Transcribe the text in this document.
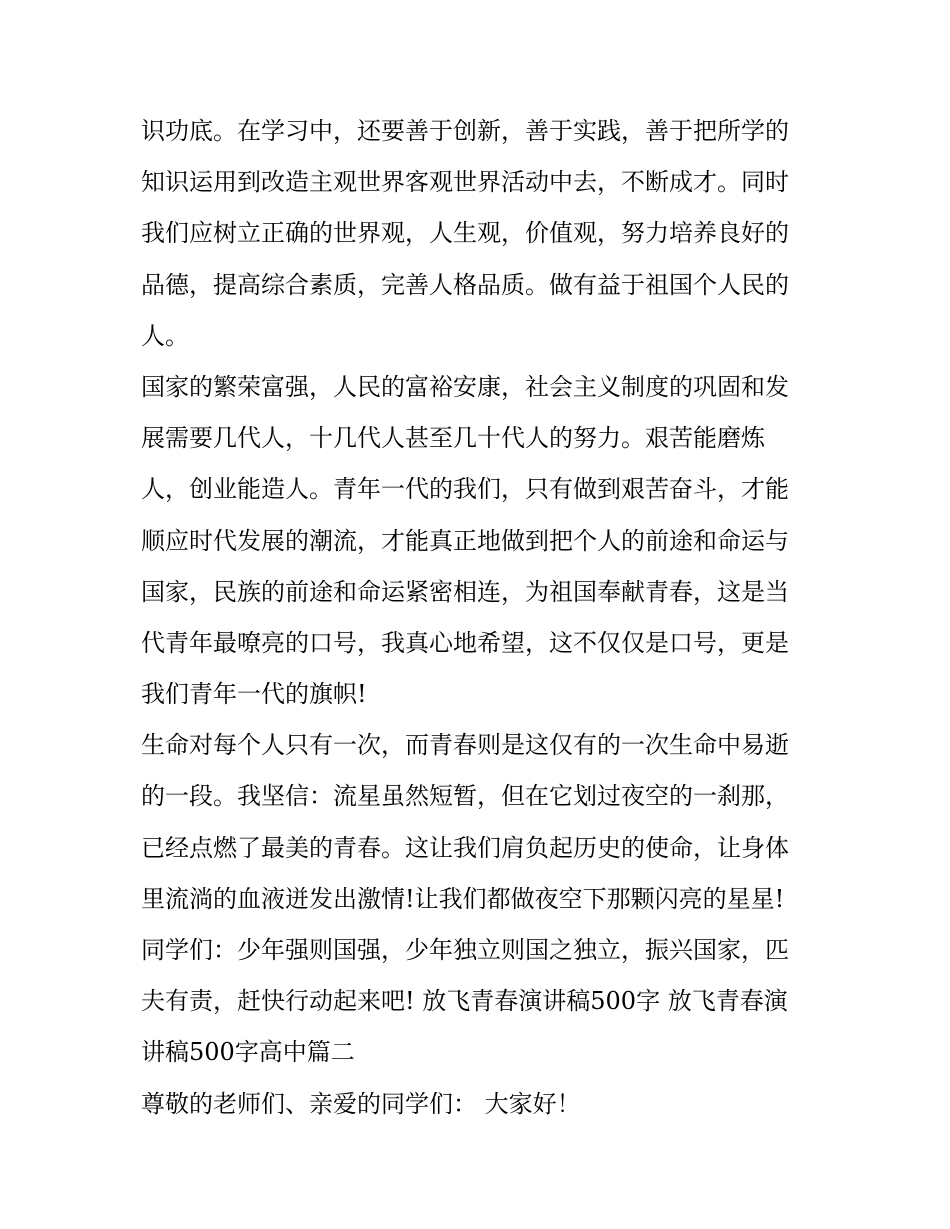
识功底。在学习中，还要善于创新，善于实践，善于把所学的
知识运用到改造主观世界客观世界活动中去，不断成才。同时
我们应树立正确的世界观，人生观，价值观，努力培养良好的
品德，提高综合素质，完善人格品质。做有益于祖国个人民的
人。
国家的繁荣富强，人民的富裕安康，社会主义制度的巩固和发
展需要几代人，十几代人甚至几十代人的努力。艰苦能磨炼
人，创业能造人。青年一代的我们，只有做到艰苦奋斗，才能
顺应时代发展的潮流，才能真正地做到把个人的前途和命运与
国家，民族的前途和命运紧密相连，为祖国奉献青春，这是当
代青年最嘹亮的口号，我真心地希望，这不仅仅是口号，更是
我们青年一代的旗帜!
生命对每个人只有一次，而青春则是这仅有的一次生命中易逝
的一段。我坚信：流星虽然短暂，但在它划过夜空的一刹那，
已经点燃了最美的青春。这让我们肩负起历史的使命，让身体
里流淌的血液迸发出激情!让我们都做夜空下那颗闪亮的星星!
同学们：少年强则国强，少年独立则国之独立，振兴国家，匹
夫有责，赶快行动起来吧! 放飞青春演讲稿500字 放飞青春演
讲稿500字高中篇二
尊敬的老师们、亲爱的同学们： 大家好！
